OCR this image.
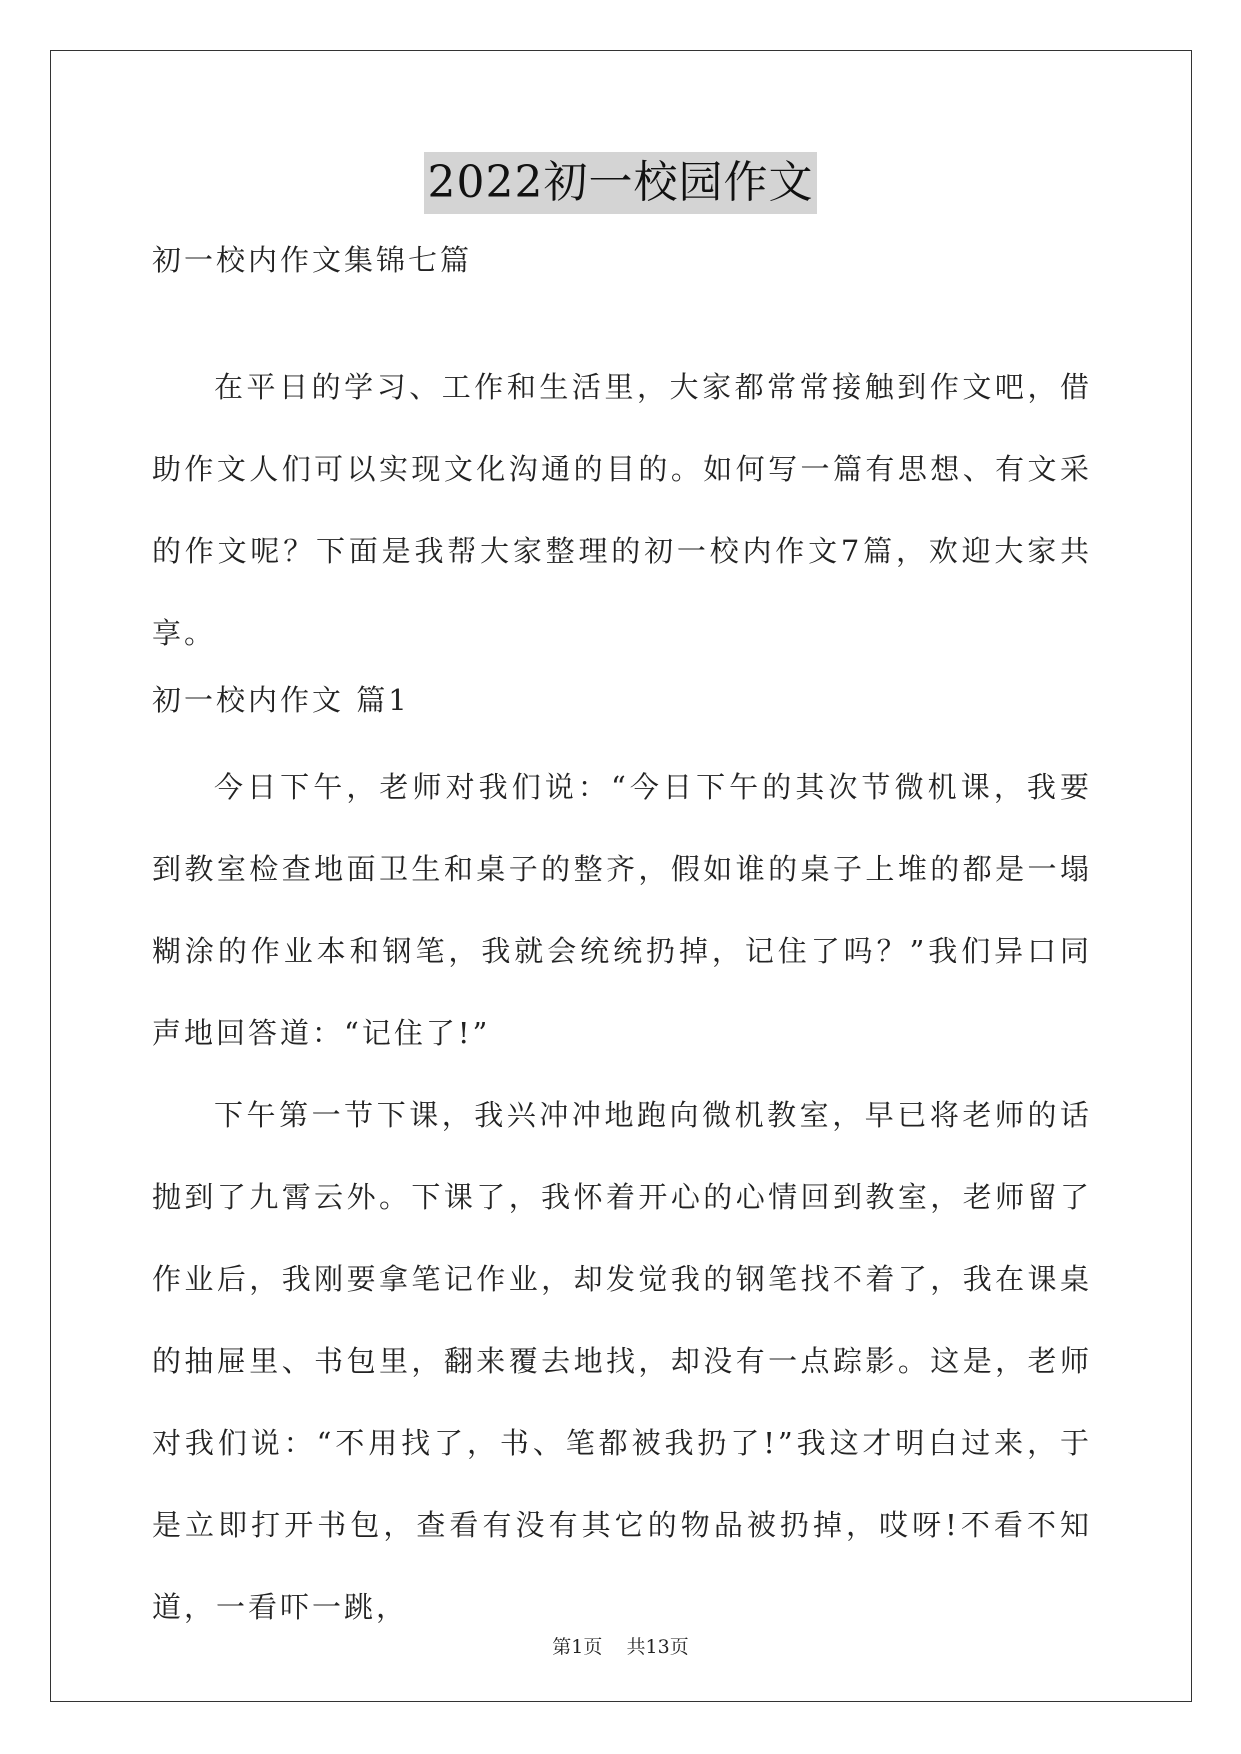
2022初一校园作文
初一校内作文集锦七篇
在平日的学习、工作和生活里，大家都常常接触到作文吧，借助作文人们可以实现文化沟通的目的。如何写一篇有思想、有文采的作文呢？下面是我帮大家整理的初一校内作文7篇，欢迎大家共享。
初一校内作文 篇1
今日下午，老师对我们说：“今日下午的其次节微机课，我要到教室检查地面卫生和桌子的整齐，假如谁的桌子上堆的都是一塌糊涂的作业本和钢笔，我就会统统扔掉，记住了吗？”我们异口同声地回答道：“记住了!”
下午第一节下课，我兴冲冲地跑向微机教室，早已将老师的话抛到了九霄云外。下课了，我怀着开心的心情回到教室，老师留了作业后，我刚要拿笔记作业，却发觉我的钢笔找不着了，我在课桌的抽屉里、书包里，翻来覆去地找，却没有一点踪影。这是，老师对我们说：“不用找了，书、笔都被我扔了!”我这才明白过来，于是立即打开书包，查看有没有其它的物品被扔掉，哎呀!不看不知道，一看吓一跳，
第1页 共13页
